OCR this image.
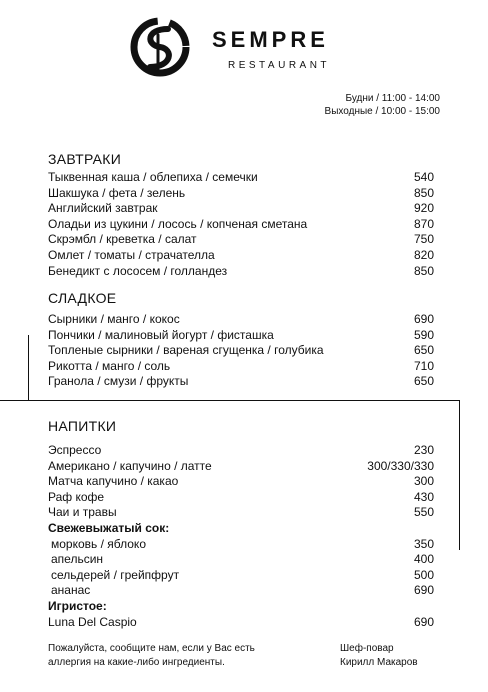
SEMPRE
RESTAURANT
Будни / 11:00 - 14:00
Выходные / 10:00 - 15:00
ЗАВТРАКИ
Тыквенная каша / облепиха / семечки	540
Шакшука / фета / зелень	850
Английский завтрак	920
Оладьи из цукини / лосось / копченая сметана	870
Скрэмбл / креветка / салат	750
Омлет / томаты / страчателла	820
Бенедикт с лососем / голландез	850
СЛАДКОЕ
Сырники / манго / кокос	690
Пончики / малиновый йогурт / фисташка	590
Топленые сырники / вареная сгущенка / голубика	650
Рикотта / манго / соль	710
Гранола / смузи / фрукты	650
НАПИТКИ
Эспрессо	230
Американо / капучино / латте	300/330/330
Матча капучино / какао	300
Раф кофе	430
Чаи и травы	550
Свежевыжатый сок:
морковь / яблоко	350
апельсин	400
сельдерей / грейпфрут	500
ананас	690
Игристое:
Luna Del Caspio	690
Пожалуйста, сообщите нам, если у Вас есть
аллергия на какие-либо ингредиенты.
Шеф-повар
Кирилл Макаров
